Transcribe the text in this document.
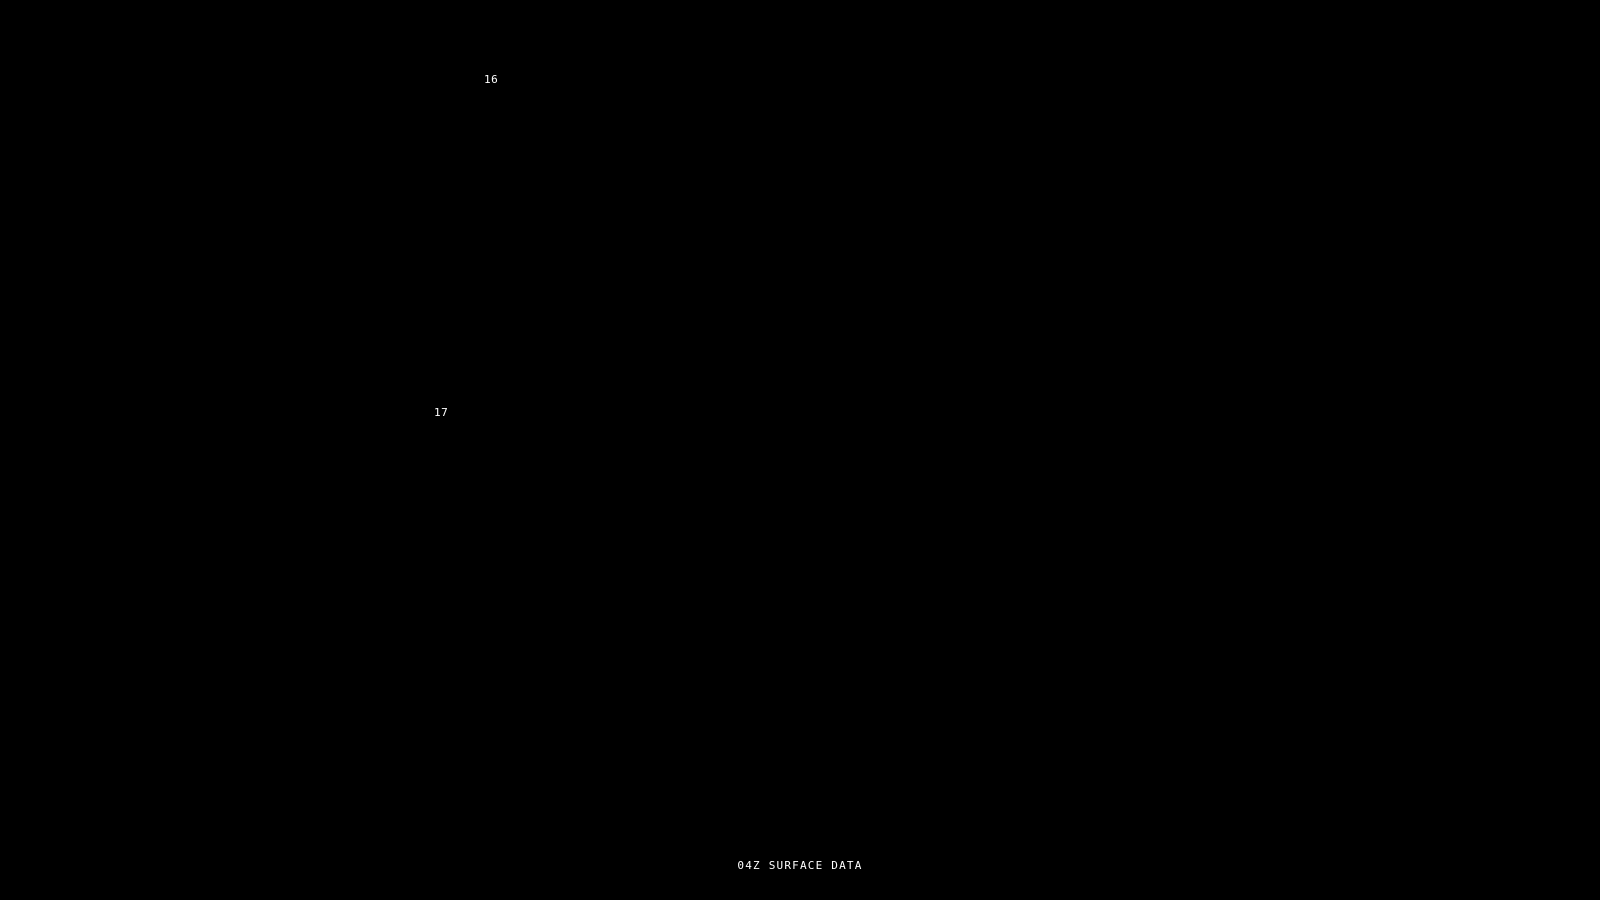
16
17
04Z SURFACE DATA
